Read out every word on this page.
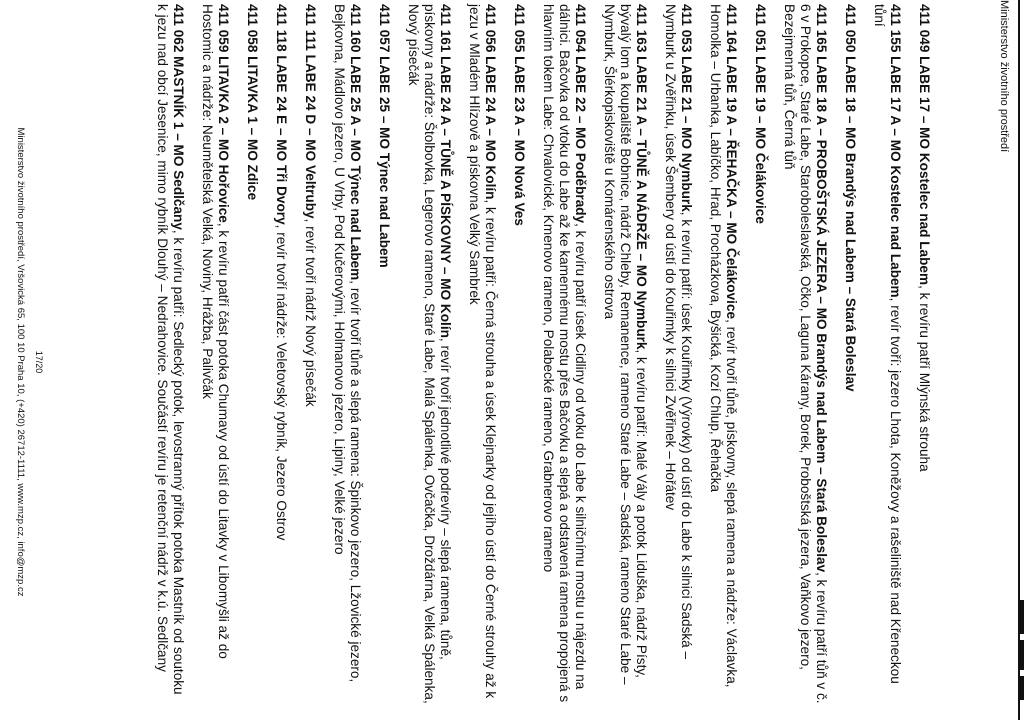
Ministerstvo životního prostředí
411 049 LABE 17 – MO Kostelec nad Labem, k revíru patří Mlýnská strouha
411 155 LABE 17 A – MO Kostelec nad Labem, revír tvoří: jezero Lhota, Koněžovy a rašeliniště nad Křeneckou tůní
411 050 LABE 18 – MO Brandýs nad Labem – Stará Boleslav
411 165 LABE 18 A – PROBOŠTSKÁ JEZERA – MO Brandýs nad Labem – Stará Boleslav, k revíru patří tůň v č. 6 v Prokopce, Staré Labe, Staroboleslavská, Očko, Laguna Kárany, Borek, Proboštská jezera, Vaňkovo jezero, Bezejmenná tůň, Černá tůň
411 051 LABE 19 – MO Čelákovice
411 164 LABE 19 A – ŘEHAČKA – MO Čelákovice, revír tvoří tůně, pískovny, slepá ramena a nádrže: Václavka, Homolka – Urbanka, Labíčko, Hrad, Procházkova, Byšická, Kozí Chlup, Řehačka
411 053 LABE 21 – MO Nymburk, k revíru patří: úsek Kouřimky (Výrovky) od ústí do Labe k silnici Sadská – Nymburk u Zvěřinku, úsek Šembery od ústí do Kouřimky k silnici Zvěřinek – Hořátev
411 163 LABE 21 A – TŮNĚ A NÁDRŽE – MO Nymburk, k revíru patří: Malé Vály a potok Liduška, nádrž Písty, bývalý lom a koupaliště Bobnice, nádrž Chleby, Remanence, rameno Staré Labe – Sadská, rameno Staré Labe – Nymburk, Šlérkopiskoviště u Komárenského ostrova
411 054 LABE 22 – MO Poděbrady, k revíru patří úsek Cidliny od vtoku do Labe k silničnímu mostu u nájezdu na dálnici. Bačovka od vtoku do Labe až ke kamennému mostu přes Bačovku a slepá a odstavená ramena propojená s hlavním tokem Labe: Chvalovické, Kmenovo rameno, Polabecké rameno, Grabnerovo rameno
411 055 LABE 23 A – MO Nová Ves
411 056 LABE 24 A – MO Kolín, k revíru patří: Černá strouha a úsek Klejnarky od jejího ústí do Černé strouhy až k jezu v Mladém Hlízově a pískovna Velký Sambrek
411 161 LABE 24 A – TŮNĚ A PÍSKOVNY – MO Kolín, revír tvoří jednotlivé podrevíry – slepá ramena, tůně, pískovny a nádrže: Štolbovka, Legerovo rameno, Staré Labe, Malá Spálenka, Ovčačka, Droždárna, Velká Spálenka, Nový písečák
411 057 LABE 25 – MO Týnec nad Labem
411 160 LABE 25 A – MO Týnec nad Labem, revír tvoří tůně a slepá ramena: Špinkovo jezero, Lžovické jezero, Bejkovna, Mádlovo jezero, U Vrby, Pod Kučerovými, Holmanovo jezero, Lipiny, Velké jezero
411 111 LABE 24 D – MO Veltruby, revír tvoří nádrž Nový písečák
411 118 LABE 24 E – MO Tři Dvory, revír tvoří nádrže: Veletovský rybník, Jezero Ostrov
411 058 LITAVKA 1 – MO Zdice
411 059 LITAVKA 2 – MO Hořovice, k revíru patří část potoka Chumavy od ústí do Litavky v Libomyšli až do Hostomic a nádrže: Neumětelská Velká, Noviny, Hrážba, Palivčák
411 062 MASTNÍK 1 – MO Sedlčany, k revíru patří: Sedlecký potok, levostranný přítok potoka Mastník od soutoku k jezu nad obcí Jesenice, mimo rybník Dlouhý – Nedrahovice. Součástí revíru je retenční nádrž v k.ú. Sedlčany
17/20
Ministerstvo životního prostředí, Vršovická 65, 100 10 Praha 10, (+420) 26712-1111, www.mzp.cz, info@mzp.cz
